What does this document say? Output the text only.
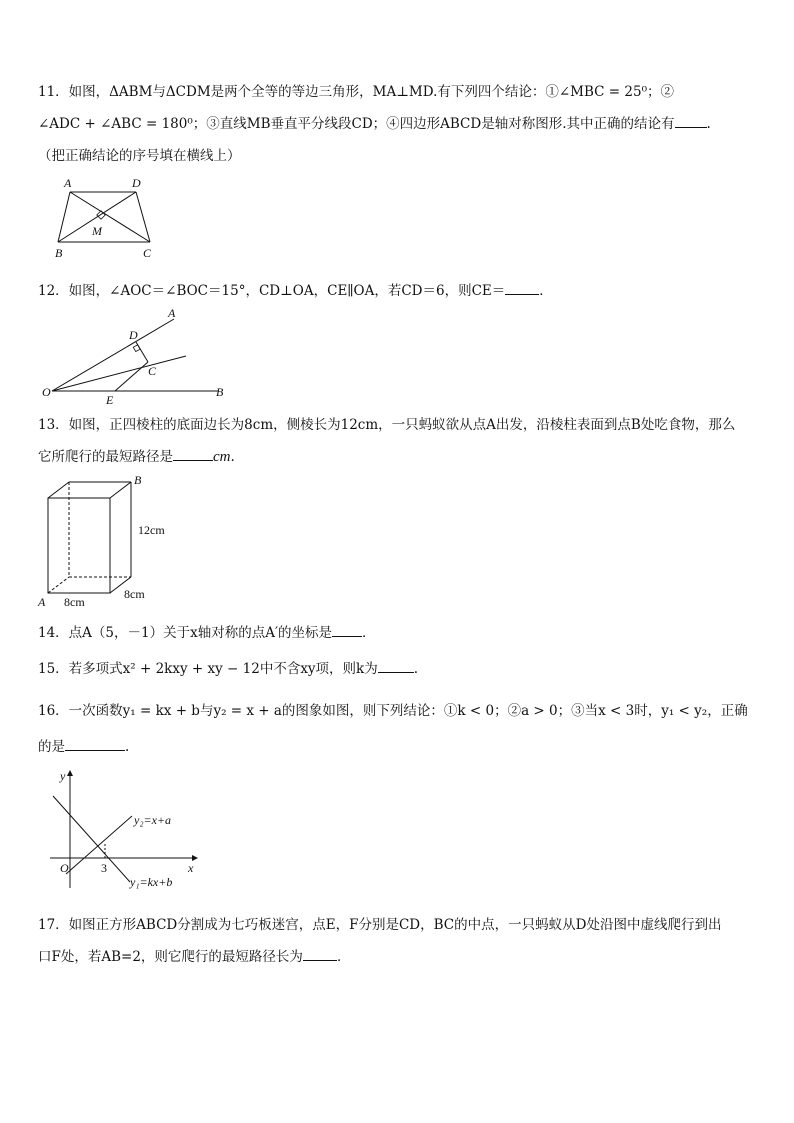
11．如图，ΔABM与ΔCDM是两个全等的等边三角形，MA⊥MD.有下列四个结论：①∠MBC = 25⁰；②
∠ADC + ∠ABC = 180⁰；③直线MB垂直平分线段CD；④四边形ABCD是轴对称图形.其中正确的结论有 .
（把正确结论的序号填在横线上）
A	D
M
B	C
12．如图，∠AOC＝∠BOC＝15°，CD⊥OA，CE∥OA，若CD＝6，则CE＝	．
A
D
C
O
E
B
13．如图，正四棱柱的底面边长为8cm，侧棱长为12cm，一只蚂蚁欲从点A出发，沿棱柱表面到点B处吃食物，那么
它所爬行的最短路径是	cm.
B
A
12cm
8cm
8cm
14．点A（5，－1）关于x轴对称的点A′的坐标是 ．
15．若多项式x² + 2kxy + xy − 12中不含xy项，则k为	.
16．一次函数y₁ = kx + b与y₂ = x + a的图象如图，则下列结论：①k < 0；②a > 0；③当x < 3时，y₁ < y₂，正确
的是	.
y
x
O	3
y₂=x+a
y₁=kx+b
17．如图正方形ABCD分割成为七巧板迷宫，点E，F分别是CD，BC的中点，一只蚂蚁从D处沿图中虚线爬行到出
口F处，若AB=2，则它爬行的最短路径长为	．
